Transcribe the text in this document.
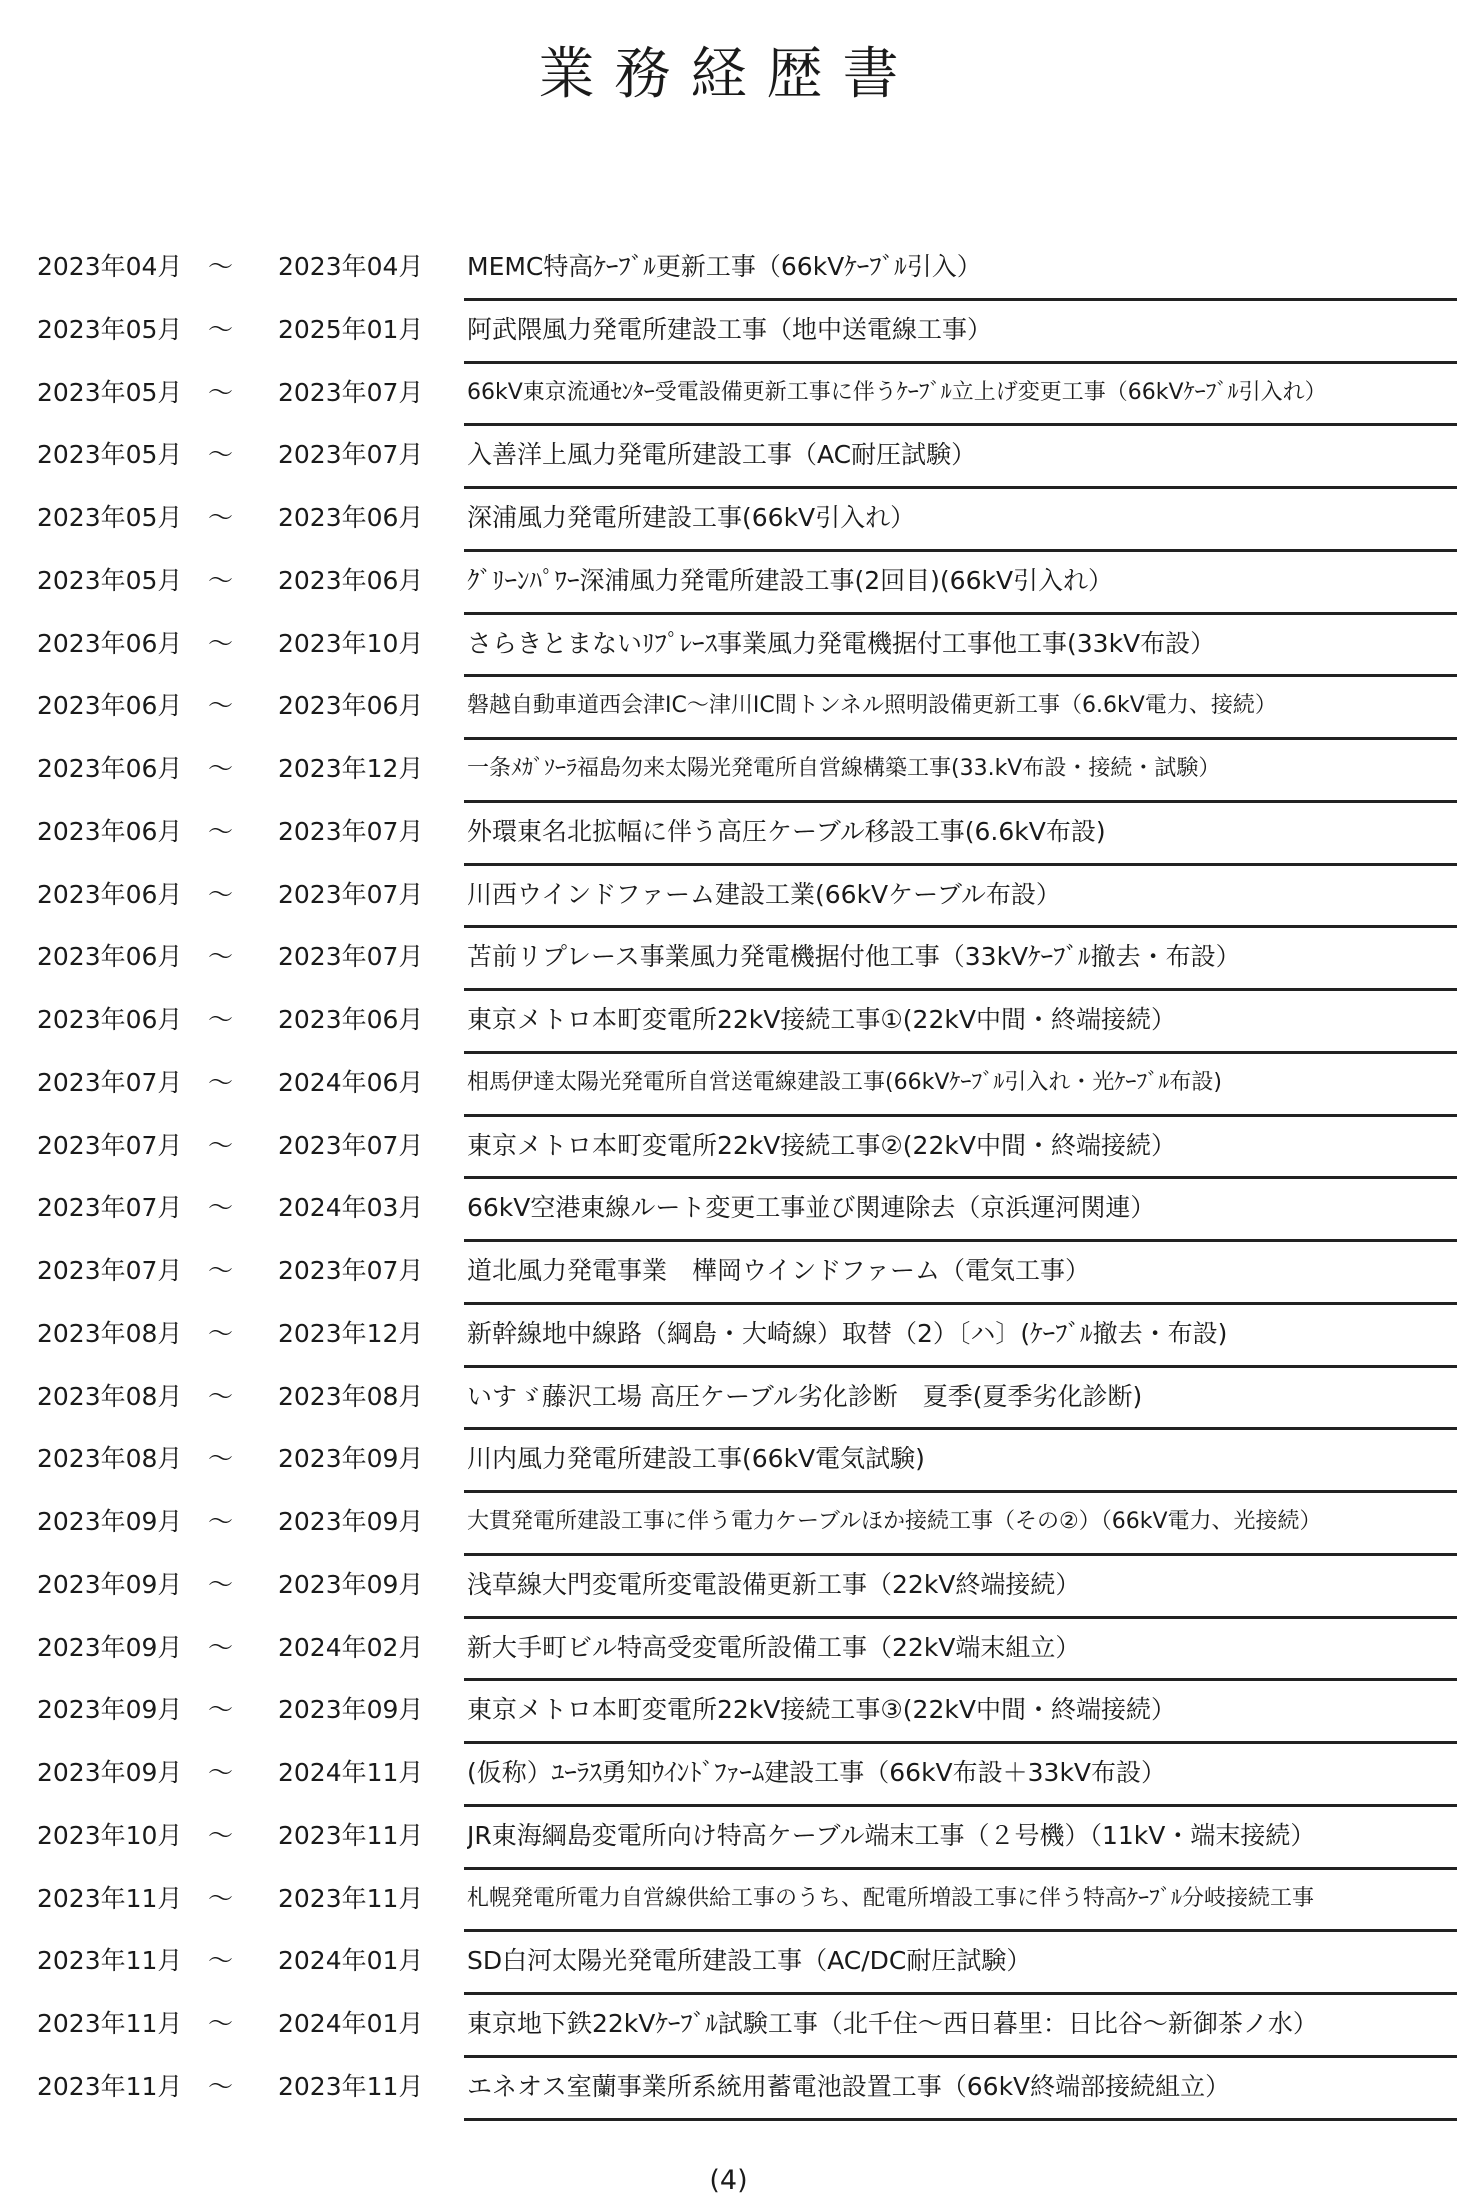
業務経歴書
2023年04月 ～ 2023年04月 MEMC特高ｹｰﾌﾞﾙ更新工事（66kVｹｰﾌﾞﾙ引入）
2023年05月 ～ 2025年01月 阿武隈風力発電所建設工事（地中送電線工事）
2023年05月 ～ 2023年07月 66kV東京流通ｾﾝﾀｰ受電設備更新工事に伴うｹｰﾌﾞﾙ立上げ変更工事（66kVｹｰﾌﾞﾙ引入れ）
2023年05月 ～ 2023年07月 入善洋上風力発電所建設工事（AC耐圧試験）
2023年05月 ～ 2023年06月 深浦風力発電所建設工事(66kV引入れ）
2023年05月 ～ 2023年06月 ｸﾞﾘｰﾝﾊﾟﾜｰ深浦風力発電所建設工事(2回目)(66kV引入れ）
2023年06月 ～ 2023年10月 さらきとまないﾘﾌﾟﾚｰｽ事業風力発電機据付工事他工事(33kV布設）
2023年06月 ～ 2023年06月 磐越自動車道西会津IC～津川IC間トンネル照明設備更新工事（6.6kV電力、接続）
2023年06月 ～ 2023年12月 一条ﾒｶﾞｿｰﾗ福島勿来太陽光発電所自営線構築工事(33.kV布設・接続・試験）
2023年06月 ～ 2023年07月 外環東名北拡幅に伴う高圧ケーブル移設工事(6.6kV布設)
2023年06月 ～ 2023年07月 川西ウインドファーム建設工業(66kVケーブル布設）
2023年06月 ～ 2023年07月 苫前リプレース事業風力発電機据付他工事（33kVｹｰﾌﾞﾙ撤去・布設）
2023年06月 ～ 2023年06月 東京メトロ本町変電所22kV接続工事①(22kV中間・終端接続）
2023年07月 ～ 2024年06月 相馬伊達太陽光発電所自営送電線建設工事(66kVｹｰﾌﾞﾙ引入れ・光ｹｰﾌﾞﾙ布設)
2023年07月 ～ 2023年07月 東京メトロ本町変電所22kV接続工事②(22kV中間・終端接続）
2023年07月 ～ 2024年03月 66kV空港東線ルート変更工事並び関連除去（京浜運河関連）
2023年07月 ～ 2023年07月 道北風力発電事業　樺岡ウインドファーム（電気工事）
2023年08月 ～ 2023年12月 新幹線地中線路（綱島・大崎線）取替（2）〔ハ〕(ｹｰﾌﾞﾙ撤去・布設)
2023年08月 ～ 2023年08月 いすゞ藤沢工場 高圧ケーブル劣化診断　夏季(夏季劣化診断)
2023年08月 ～ 2023年09月 川内風力発電所建設工事(66kV電気試験)
2023年09月 ～ 2023年09月 大貫発電所建設工事に伴う電力ケーブルほか接続工事（その②）（66kV電力、光接続）
2023年09月 ～ 2023年09月 浅草線大門変電所変電設備更新工事（22kV終端接続）
2023年09月 ～ 2024年02月 新大手町ビル特高受変電所設備工事（22kV端末組立）
2023年09月 ～ 2023年09月 東京メトロ本町変電所22kV接続工事③(22kV中間・終端接続）
2023年09月 ～ 2024年11月 (仮称）ﾕｰﾗｽ勇知ｳｲﾝﾄﾞﾌｧｰﾑ建設工事（66kV布設＋33kV布設）
2023年10月 ～ 2023年11月 JR東海綱島変電所向け特高ケーブル端末工事（２号機）（11kV・端末接続）
2023年11月 ～ 2023年11月 札幌発電所電力自営線供給工事のうち、配電所増設工事に伴う特高ｹｰﾌﾞﾙ分岐接続工事
2023年11月 ～ 2024年01月 SD白河太陽光発電所建設工事（AC/DC耐圧試験）
2023年11月 ～ 2024年01月 東京地下鉄22kVｹｰﾌﾞﾙ試験工事（北千住～西日暮里：日比谷～新御茶ノ水）
2023年11月 ～ 2023年11月 エネオス室蘭事業所系統用蓄電池設置工事（66kV終端部接続組立）
(4)
